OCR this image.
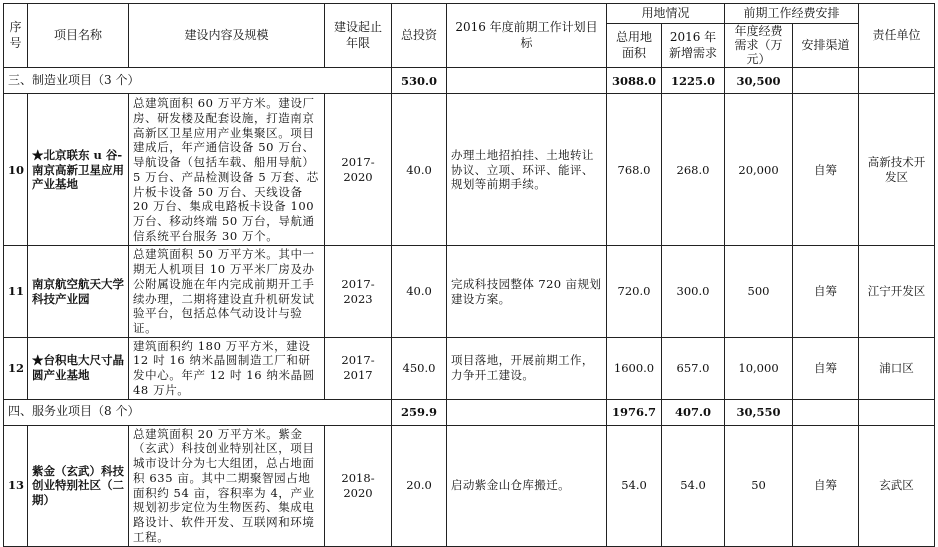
序号	项目名称	建设内容及规模	建设起止年限	总投资	2016 年度前期工作计划目标	用地情况		前期工作经费安排		责任单位
						总用地面积	2016 年新增需求	年度经费需求（万元）	安排渠道	
三、制造业项目（3 个）				530.0		3088.0	1225.0	30,500		
10	★北京联东 u 谷-南京高新卫星应用产业基地	总建筑面积 60 万平方米。建设厂房、研发楼及配套设施，打造南京高新区卫星应用产业集聚区。项目建成后，年产通信设备 50 万台、导航设备（包括车载、船用导航）5 万台、产品检测设备 5 万套、芯片板卡设备 50 万台、天线设备 20 万台、集成电路板卡设备 100 万台、移动终端 50 万台，导航通信系统平台服务 30 万个。	2017-2020	40.0	办理土地招拍挂、土地转让协议、立项、环评、能评、规划等前期手续。	768.0	268.0	20,000	自筹	高新技术开发区
11	南京航空航天大学科技产业园	总建筑面积 50 万平方米。其中一期无人机项目 10 万平米厂房及办公附属设施在年内完成前期开工手续办理，二期将建设直升机研发试验平台，包括总体气动设计与验证。	2017-2023	40.0	完成科技园整体 720 亩规划建设方案。	720.0	300.0	500	自筹	江宁开发区
12	★台积电大尺寸晶圆产业基地	建筑面积约 180 万平方米，建设 12 吋 16 纳米晶圆制造工厂和研发中心。年产 12 吋 16 纳米晶圆 48 万片。	2017-2017	450.0	项目落地，开展前期工作，力争开工建设。	1600.0	657.0	10,000	自筹	浦口区
四、服务业项目（8 个）				259.9		1976.7	407.0	30,550		
13	紫金（玄武）科技创业特别社区（二期）	总建筑面积 20 万平方米。紫金（玄武）科技创业特别社区，项目城市设计分为七大组团，总占地面积 635 亩。其中二期聚智园占地面积约 54 亩，容积率为 4，产业规划初步定位为生物医药、集成电路设计、软件开发、互联网和环境工程。	2018-2020	20.0	启动紫金山仓库搬迁。	54.0	54.0	50	自筹	玄武区
